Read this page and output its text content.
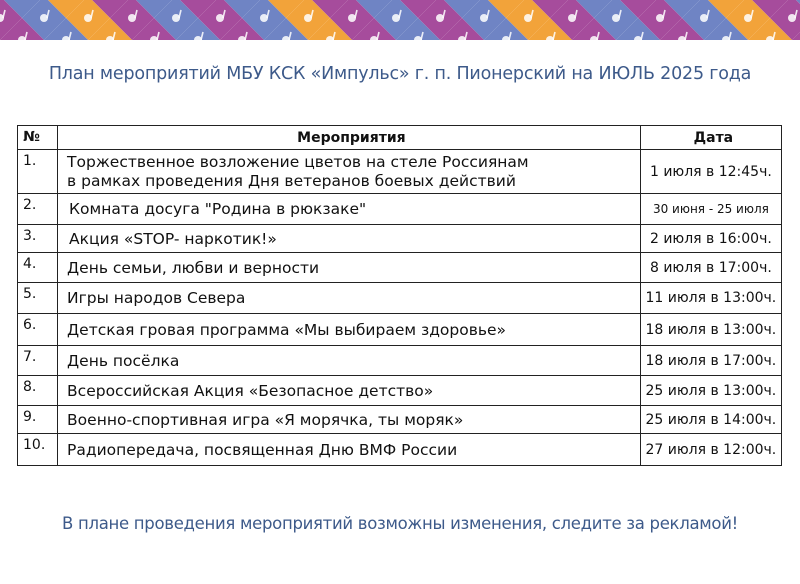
План мероприятий МБУ КСК «Импульс» г. п. Пионерский на ИЮЛЬ 2025 года
№	Мероприятия	Дата
1.	Торжественное возложение цветов на стеле Россиянам
в рамках проведения Дня ветеранов боевых действий	1 июля в 12:45ч.
2.	Комната досуга "Родина в рюкзаке"	30 июня - 25 июля
3.	Акция «STOP- наркотик!»	2 июля в 16:00ч.
4.	День семьи, любви и верности	8 июля в 17:00ч.
5.	Игры народов Севера	11 июля в 13:00ч.
6.	Детская гровая программа «Мы выбираем здоровье»	18 июля в 13:00ч.
7.	День посёлка	18 июля в 17:00ч.
8.	Всероссийская Акция «Безопасное детство»	25 июля в 13:00ч.
9.	Военно-спортивная игра «Я морячка, ты моряк»	25 июля в 14:00ч.
10.	Радиопередача, посвященная Дню ВМФ России	27 июля в 12:00ч.
В плане проведения мероприятий возможны изменения, следите за рекламой!
